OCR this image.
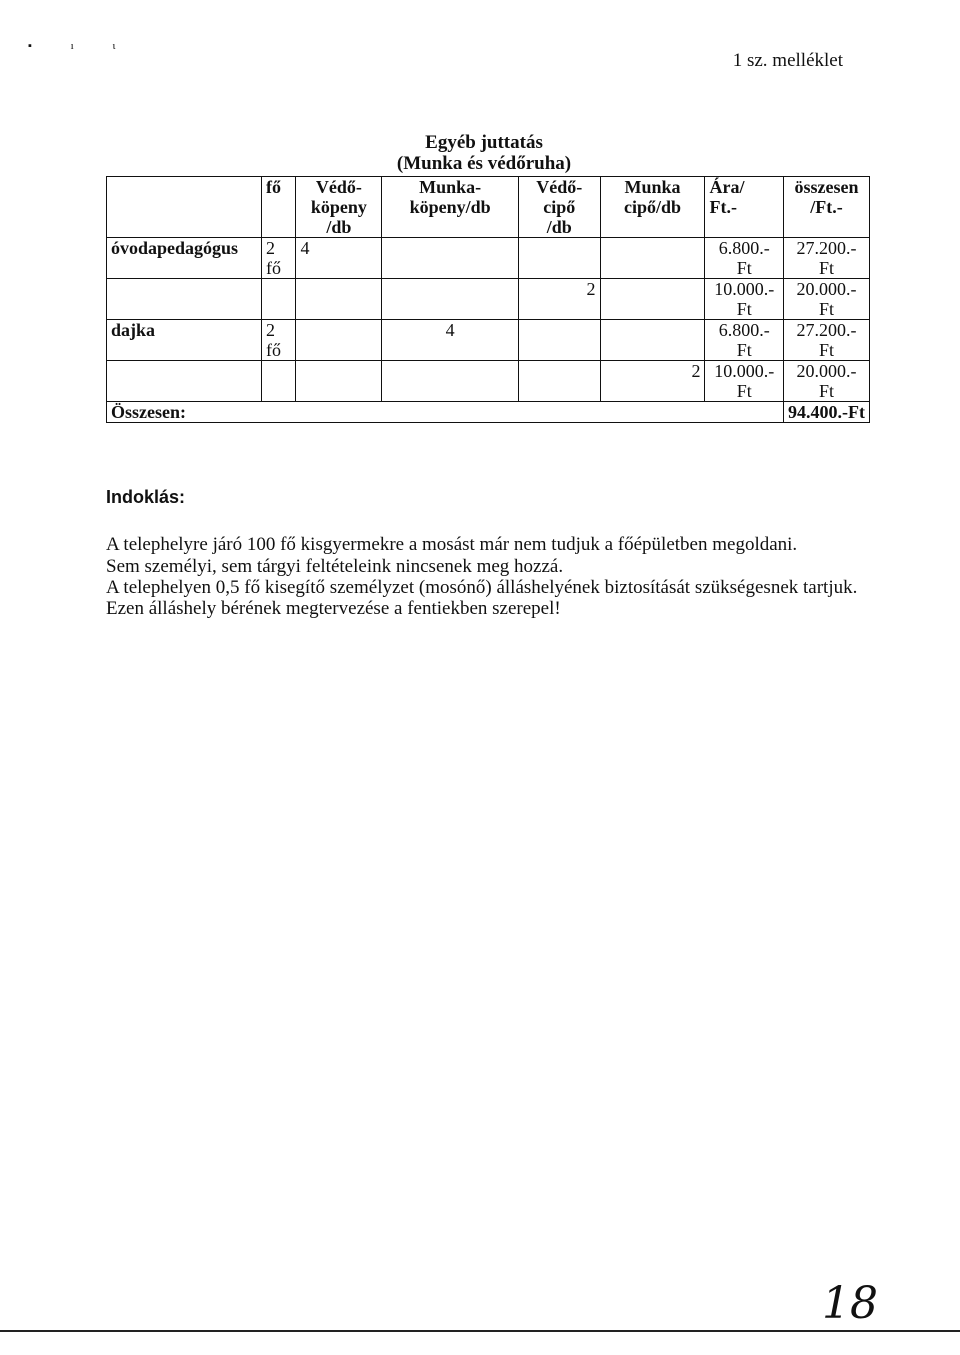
▪ ı ι
1 sz. melléklet
Egyéb juttatás
(Munka és védőruha)
	fő	Védő-
köpeny
/db	Munka-
köpeny/db	Védő-
cipő
/db	Munka
cipő/db	Ára/
Ft.-	összesen
/Ft.-
óvodapedagógus	2
fő	4				6.800.-
Ft	27.200.-
Ft
				2		10.000.-
Ft	20.000.-
Ft
dajka	2
fő		4			6.800.-
Ft	27.200.-
Ft
					2	10.000.-
Ft	20.000.-
Ft
Összesen:							94.400.-Ft
Indoklás:
A telephelyre járó 100 fő kisgyermekre a mosást már nem tudjuk a főépületben megoldani.
Sem személyi, sem tárgyi feltételeink nincsenek meg hozzá.
A telephelyen 0,5 fő kisegítő személyzet (mosónő) álláshelyének biztosítását szükségesnek tartjuk. Ezen álláshely bérének megtervezése a fentiekben szerepel!
18
